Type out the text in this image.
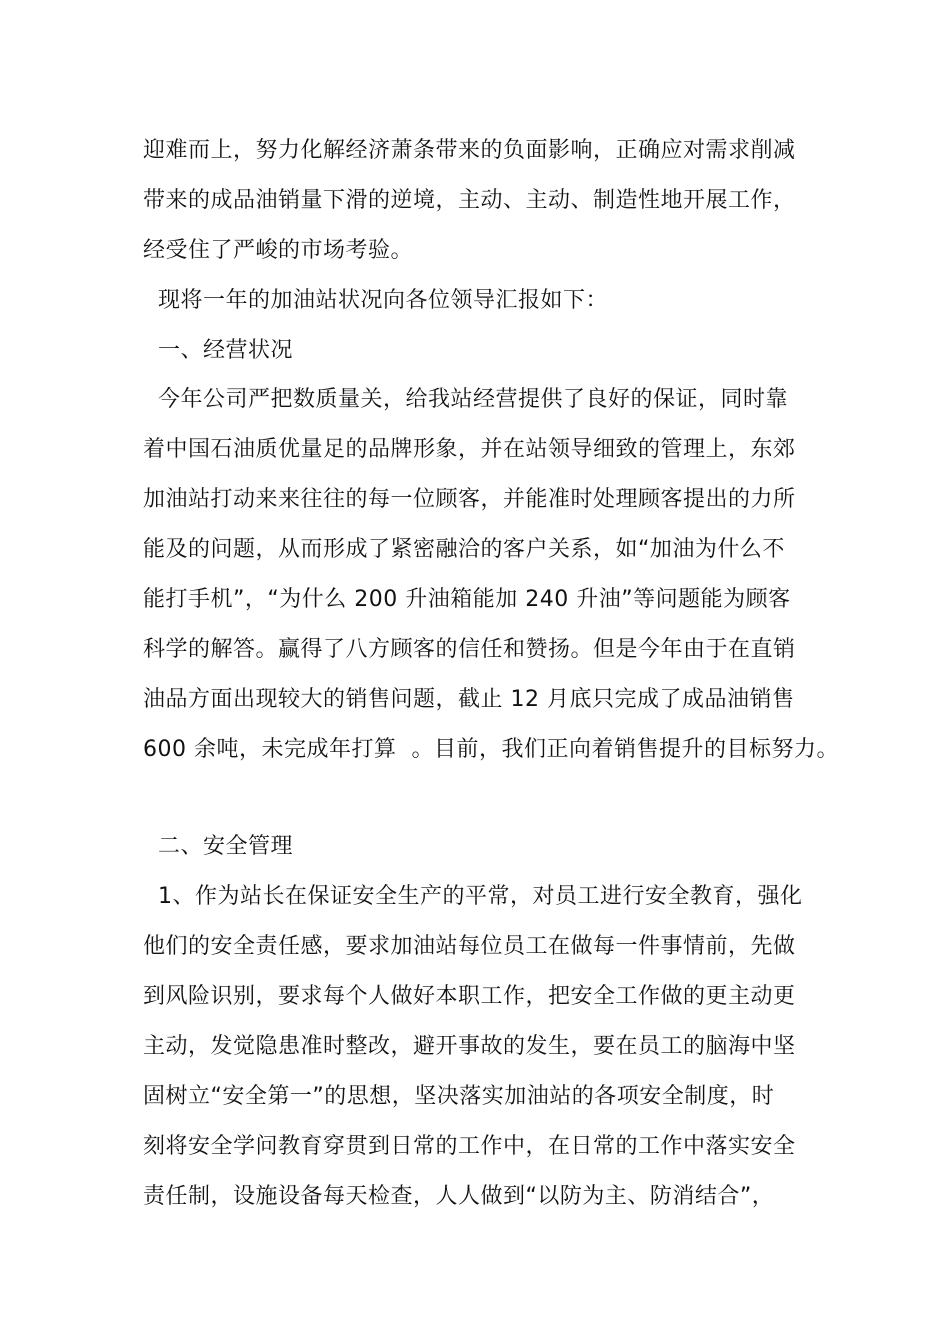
迎难而上，努力化解经济萧条带来的负面影响，正确应对需求削减
带来的成品油销量下滑的逆境，主动、主动、制造性地开展工作，
经受住了严峻的市场考验。
现将一年的加油站状况向各位领导汇报如下：
一、经营状况
今年公司严把数质量关，给我站经营提供了良好的保证，同时靠
着中国石油质优量足的品牌形象，并在站领导细致的管理上，东郊
加油站打动来来往往的每一位顾客，并能准时处理顾客提出的力所
能及的问题，从而形成了紧密融洽的客户关系，如“加油为什么不
能打手机”，“为什么 200 升油箱能加 240 升油”等问题能为顾客
科学的解答。赢得了八方顾客的信任和赞扬。但是今年由于在直销
油品方面出现较大的销售问题，截止 12 月底只完成了成品油销售
600 余吨，未完成年打算  。目前，我们正向着销售提升的目标努力。
二、安全管理
1、作为站长在保证安全生产的平常，对员工进行安全教育，强化
他们的安全责任感，要求加油站每位员工在做每一件事情前，先做
到风险识别，要求每个人做好本职工作，把安全工作做的更主动更
主动，发觉隐患准时整改，避开事故的发生，要在员工的脑海中坚
固树立“安全第一”的思想，坚决落实加油站的各项安全制度，时
刻将安全学问教育穿贯到日常的工作中，在日常的工作中落实安全
责任制，设施设备每天检查，人人做到“以防为主、防消结合”，
